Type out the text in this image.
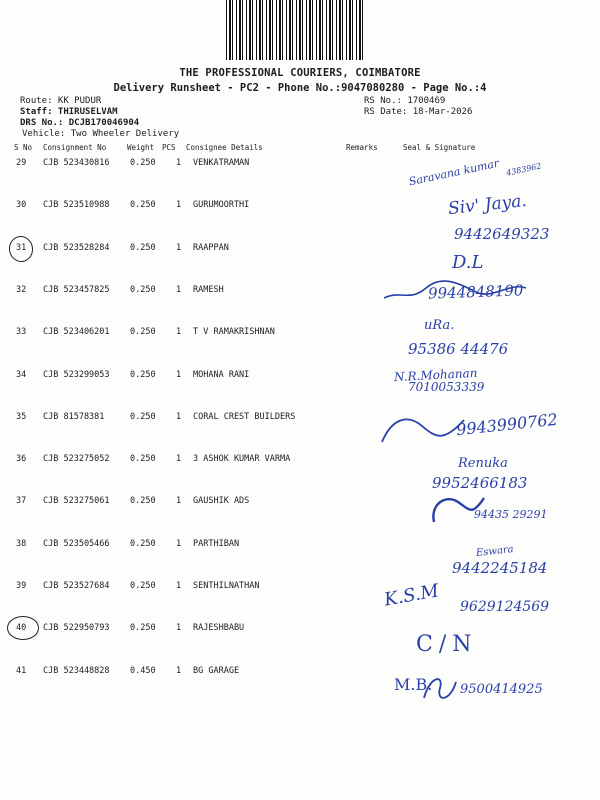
THE PROFESSIONAL COURIERS, COIMBATORE
Delivery Runsheet - PC2 - Phone No.:9047080280 - Page No.:4
Route: KK PUDUR
Staff: THIRUSELVAM
DRS No.: DCJB170046904
Vehicle: Two Wheeler Delivery
RS No.: 1700469
RS Date: 18-Mar-2026
S No Consignment No	Weight PCS Consignee Details	Remarks	Seal & Signature
29 CJB 523430816 0.250 1 VENKATRAMAN
30 CJB 523510988 0.250 1 GURUMOORTHI
31 CJB 523528284 0.250 1 RAAPPAN
32 CJB 523457825 0.250 1 RAMESH
33 CJB 523406201 0.250 1 T V RAMAKRISHNAN
34 CJB 523299053 0.250 1 MOHANA RANI
35 CJB 81578381	0.250 1 CORAL CREST BUILDERS
36 CJB 523275052 0.250 1 3 ASHOK KUMAR VARMA
37 CJB 523275061 0.250 1 GAUSHIK ADS
38 CJB 523505466 0.250 1 PARTHIBAN
39 CJB 523527684 0.250 1 SENTHILNATHAN
40 CJB 522950793 0.250 1 RAJESHBABU
41 CJB 523448828 0.450 1 BG GARAGE
Saravana kumar 4383962
Siv' Jaya.
9442649323
D.L
9944848190
uRa.
95386 44476
N.R.Mohanan
7010053339
9943990762
Renuka
9952466183
94435 29291
Eswara
9442245184
K.S.M 9629124569
C/N
M.B. 9500414925
